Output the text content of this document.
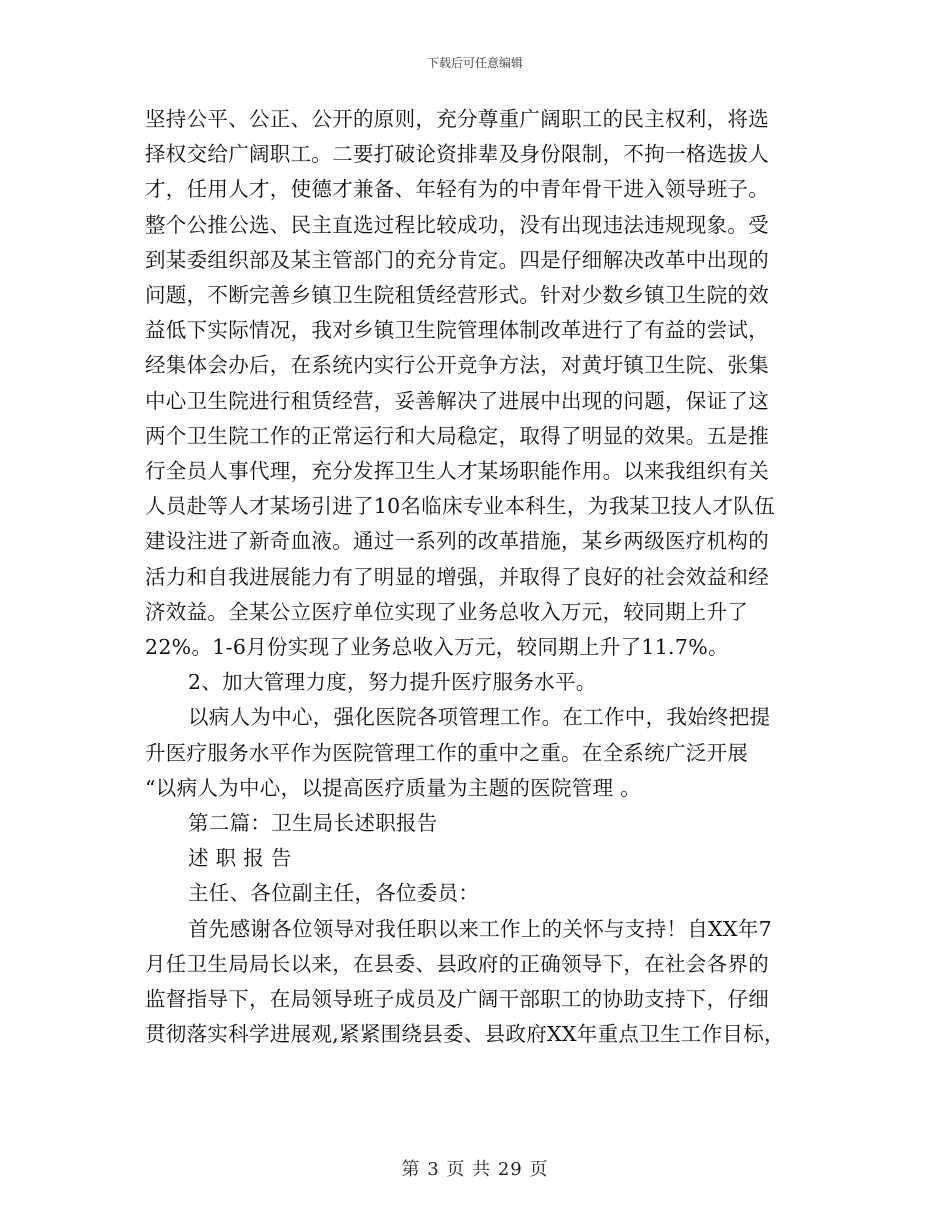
下载后可任意编辑

坚持公平、公正、公开的原则，充分尊重广阔职工的民主权利，将选

择权交给广阔职工。二要打破论资排辈及身份限制，不拘一格选拔人

才，任用人才，使德才兼备、年轻有为的中青年骨干进入领导班子。

整个公推公选、民主直选过程比较成功，没有出现违法违规现象。受

到某委组织部及某主管部门的充分肯定。四是仔细解决改革中出现的

问题，不断完善乡镇卫生院租赁经营形式。针对少数乡镇卫生院的效

益低下实际情况，我对乡镇卫生院管理体制改革进行了有益的尝试，

经集体会办后，在系统内实行公开竞争方法，对黄圩镇卫生院、张集

中心卫生院进行租赁经营，妥善解决了进展中出现的问题，保证了这

两个卫生院工作的正常运行和大局稳定，取得了明显的效果。五是推

行全员人事代理，充分发挥卫生人才某场职能作用。以来我组织有关

人员赴等人才某场引进了10名临床专业本科生，为我某卫技人才队伍

建设注进了新奇血液。通过一系列的改革措施，某乡两级医疗机构的

活力和自我进展能力有了明显的增强，并取得了良好的社会效益和经

济效益。全某公立医疗单位实现了业务总收入万元，较同期上升了

22%。1-6月份实现了业务总收入万元，较同期上升了11.7%。

2、加大管理力度，努力提升医疗服务水平。

以病人为中心，强化医院各项管理工作。在工作中，我始终把提

升医疗服务水平作为医院管理工作的重中之重。在全系统广泛开展

“以病人为中心，以提高医疗质量为主题的医院管理 。

第二篇：卫生局长述职报告

述 职 报 告

主任、各位副主任，各位委员：

首先感谢各位领导对我任职以来工作上的关怀与支持！自XX年7

月任卫生局局长以来，在县委、县政府的正确领导下，在社会各界的

监督指导下，在局领导班子成员及广阔干部职工的协助支持下，仔细

贯彻落实科学进展观,紧紧围绕县委、县政府XX年重点卫生工作目标，

第 3 页 共 29 页
